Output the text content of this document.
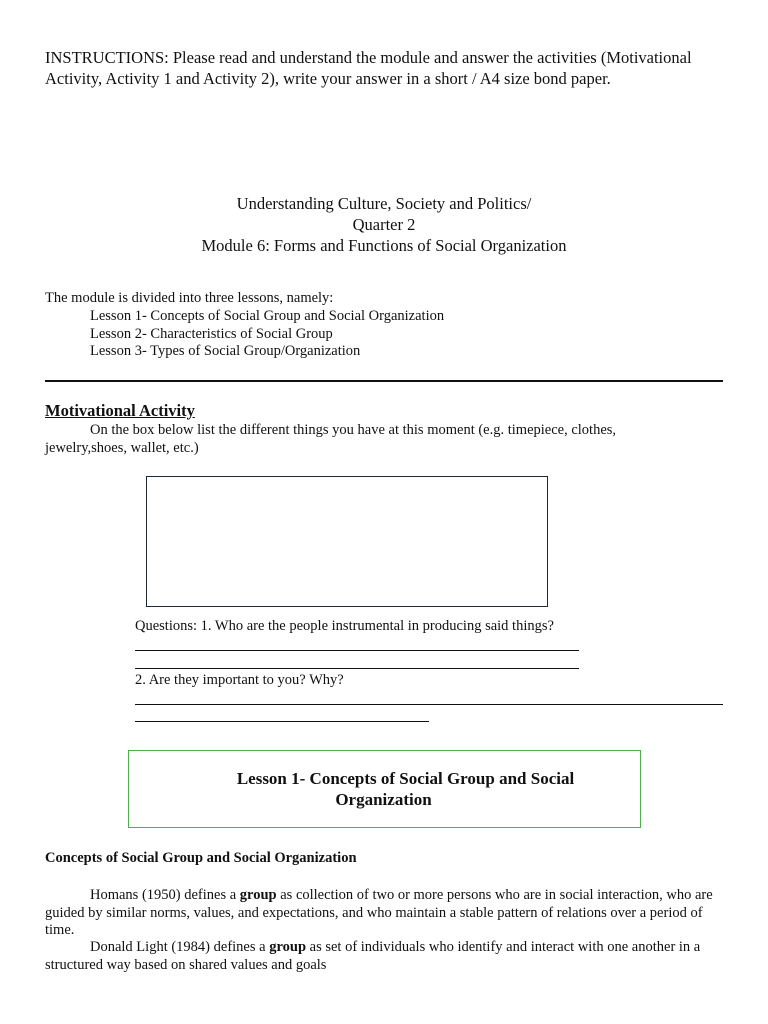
INSTRUCTIONS: Please read and understand the module and answer the activities (Motivational Activity, Activity 1 and Activity 2), write your answer in a short / A4 size bond paper.
Understanding Culture, Society and Politics/
Quarter 2
Module 6: Forms and Functions of Social Organization
The module is divided into three lessons, namely:
Lesson 1- Concepts of Social Group and Social Organization
Lesson 2- Characteristics of Social Group
Lesson 3- Types of Social Group/Organization
Motivational Activity
On the box below list the different things you have at this moment (e.g. timepiece, clothes,
jewelry,shoes, wallet, etc.)
Questions: 1. Who are the people instrumental in producing said things?
2. Are they important to you? Why?
Lesson 1- Concepts of Social Group and Social
Organization
Concepts of Social Group and Social Organization
Homans (1950) defines a group as collection of two or more persons who are in social interaction, who are guided by similar norms, values, and expectations, and who maintain a stable pattern of relations over a period of time.
Donald Light (1984) defines a group as set of individuals who identify and interact with one another in a structured way based on shared values and goals
